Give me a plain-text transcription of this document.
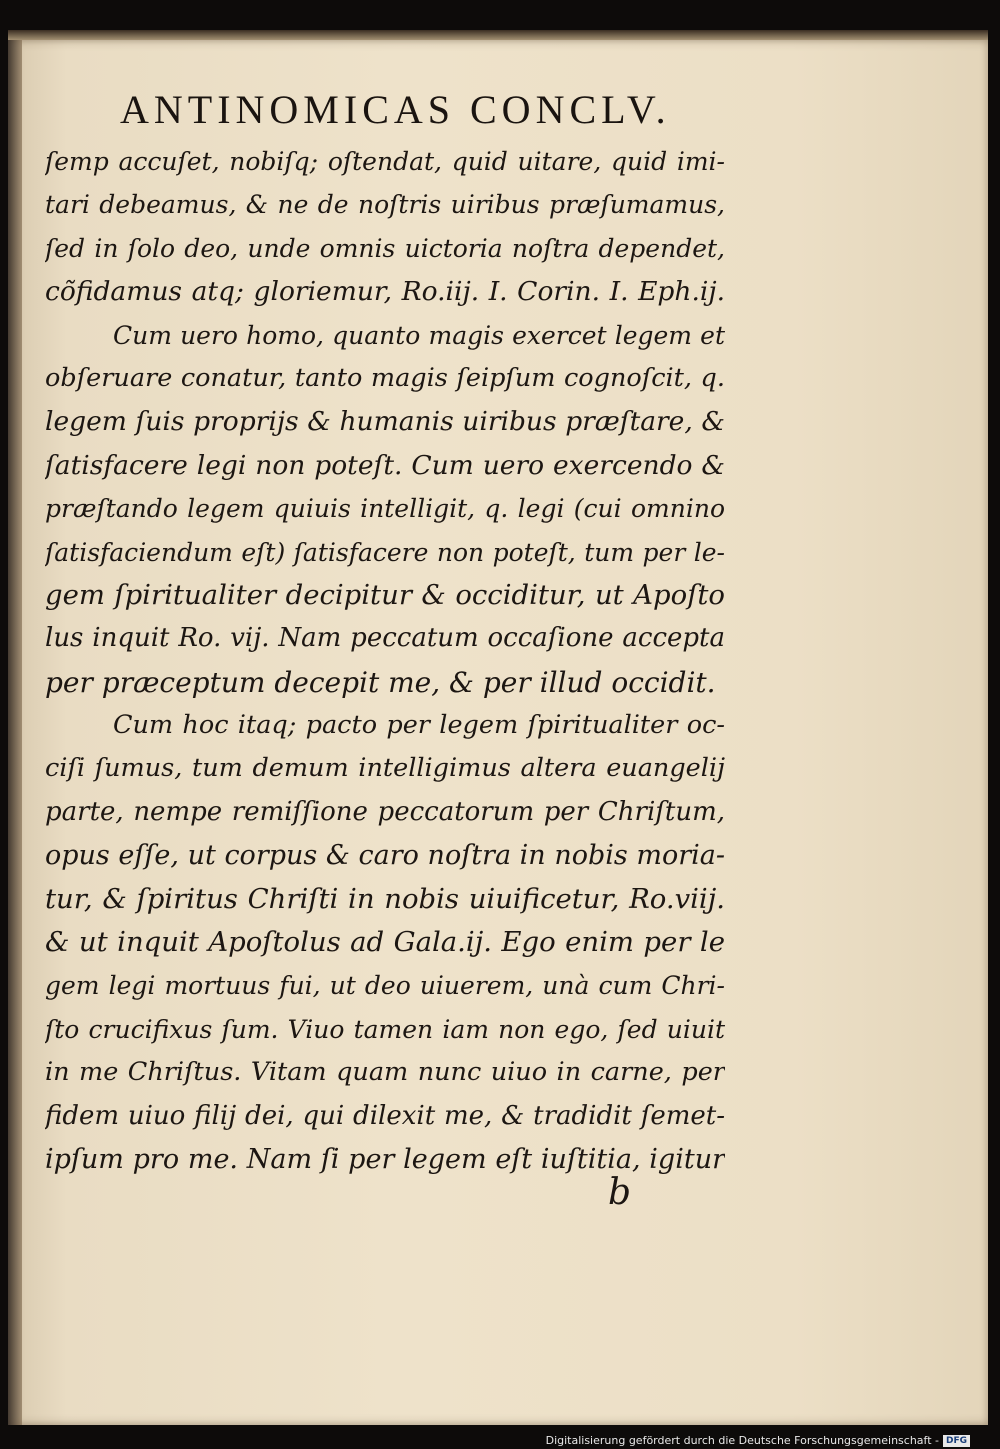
ANTINOMICAS CONCLV.
ſemp accuſet, nobiſq; oſtendat, quid uitare, quid imi-
tari debeamus, & ne de noſtris uiribus præſumamus,
ſed in ſolo deo, unde omnis uictoria noſtra dependet,
cõfidamus atq; gloriemur, Ro.iij. I. Corin. I. Eph.ij.
Cum uero homo, quanto magis exercet legem et
obſeruare conatur, tanto magis ſeipſum cognoſcit, q.
legem ſuis proprijs & humanis uiribus præſtare, &
ſatisfacere legi non poteſt. Cum uero exercendo &
præſtando legem quiuis intelligit, q. legi (cui omnino
ſatisfaciendum eſt) ſatisfacere non poteſt, tum per le-
gem ſpiritualiter decipitur & occiditur, ut Apoſto
lus inquit Ro. vij. Nam peccatum occaſione accepta
per præceptum decepit me, & per illud occidit.
Cum hoc itaq; pacto per legem ſpiritualiter oc-
ciſi ſumus, tum demum intelligimus altera euangelij
parte, nempe remiſſione peccatorum per Chriſtum,
opus eſſe, ut corpus & caro noſtra in nobis moria-
tur, & ſpiritus Chriſti in nobis uiuificetur, Ro.viij.
& ut inquit Apoſtolus ad Gala.ij. Ego enim per le
gem legi mortuus fui, ut deo uiuerem, unà cum Chri-
ſto crucifixus ſum. Viuo tamen iam non ego, ſed uiuit
in me Chriſtus. Vitam quam nunc uiuo in carne, per
fidem uiuo filij dei, qui dilexit me, & tradidit ſemet-
ipſum pro me. Nam ſi per legem eſt iuſtitia, igitur
b
Digitalisierung gefördert durch die Deutsche Forschungsgemeinschaft - DFG
